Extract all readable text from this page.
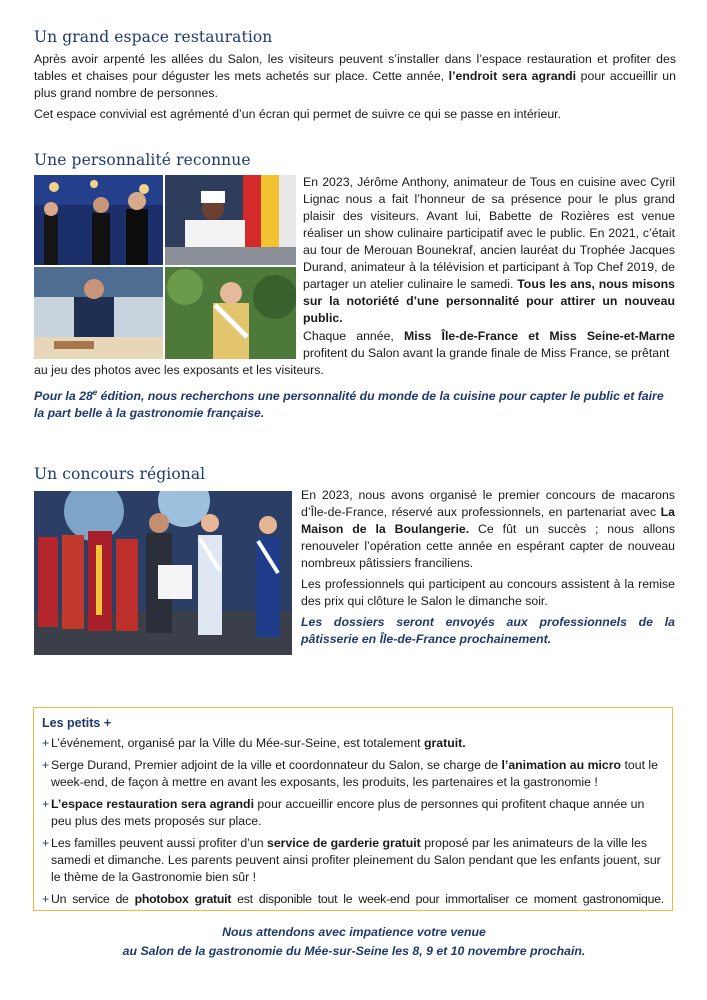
Un grand espace restauration

Après avoir arpenté les allées du Salon, les visiteurs peuvent s’installer dans l’espace restauration et profiter des tables et chaises pour déguster les mets achetés sur place. Cette année, l’endroit sera agrandi pour accueillir un plus grand nombre de personnes.

Cet espace convivial est agrémenté d’un écran qui permet de suivre ce qui se passe en intérieur.

Une personnalité reconnue

En 2023, Jérôme Anthony, animateur de Tous en cuisine avec Cyril Lignac nous a fait l’honneur de sa présence pour le plus grand plaisir des visiteurs. Avant lui, Babette de Rozières est venue réaliser un show culinaire participatif avec le public. En 2021, c’était au tour de Merouan Bounekraf, ancien lauréat du Trophée Jacques Durand, animateur à la télévision et participant à Top Chef 2019, de partager un atelier culinaire le samedi. Tous les ans, nous misons sur la notoriété d’une personnalité pour attirer un nouveau public.

Chaque année, Miss Île-de-France et Miss Seine-et-Marne profitent du Salon avant la grande finale de Miss France, se prêtant

au jeu des photos avec les exposants et les visiteurs.

Pour la 28e édition, nous recherchons une personnalité du monde de la cuisine pour capter le public et faire la part belle à la gastronomie française.

Un concours régional

En 2023, nous avons organisé le premier concours de macarons d’Île-de-France, réservé aux professionnels, en partenariat avec La Maison de la Boulangerie. Ce fût un succès ; nous allons renouveler l’opération cette année en espérant capter de nouveau nombreux pâtissiers franciliens.

Les professionnels qui participent au concours assistent à la remise des prix qui clôture le Salon le dimanche soir.

Les dossiers seront envoyés aux professionnels de la pâtisserie en Île-de-France prochainement.

Les petits +
+ L’événement, organisé par la Ville du Mée-sur-Seine, est totalement gratuit.
+ Serge Durand, Premier adjoint de la ville et coordonnateur du Salon, se charge de l’animation au micro tout le week-end, de façon à mettre en avant les exposants, les produits, les partenaires et la gastronomie !
+ L’espace restauration sera agrandi pour accueillir encore plus de personnes qui profitent chaque année un peu plus des mets proposés sur place.
+ Les familles peuvent aussi profiter d’un service de garderie gratuit proposé par les animateurs de la ville les samedi et dimanche. Les parents peuvent ainsi profiter pleinement du Salon pendant que les enfants jouent, sur le thème de la Gastronomie bien sûr !
+ Un service de photobox gratuit est disponible tout le week-end pour immortaliser ce moment gastronomique.
Nous attendons avec impatience votre venue
au Salon de la gastronomie du Mée-sur-Seine les 8, 9 et 10 novembre prochain.
